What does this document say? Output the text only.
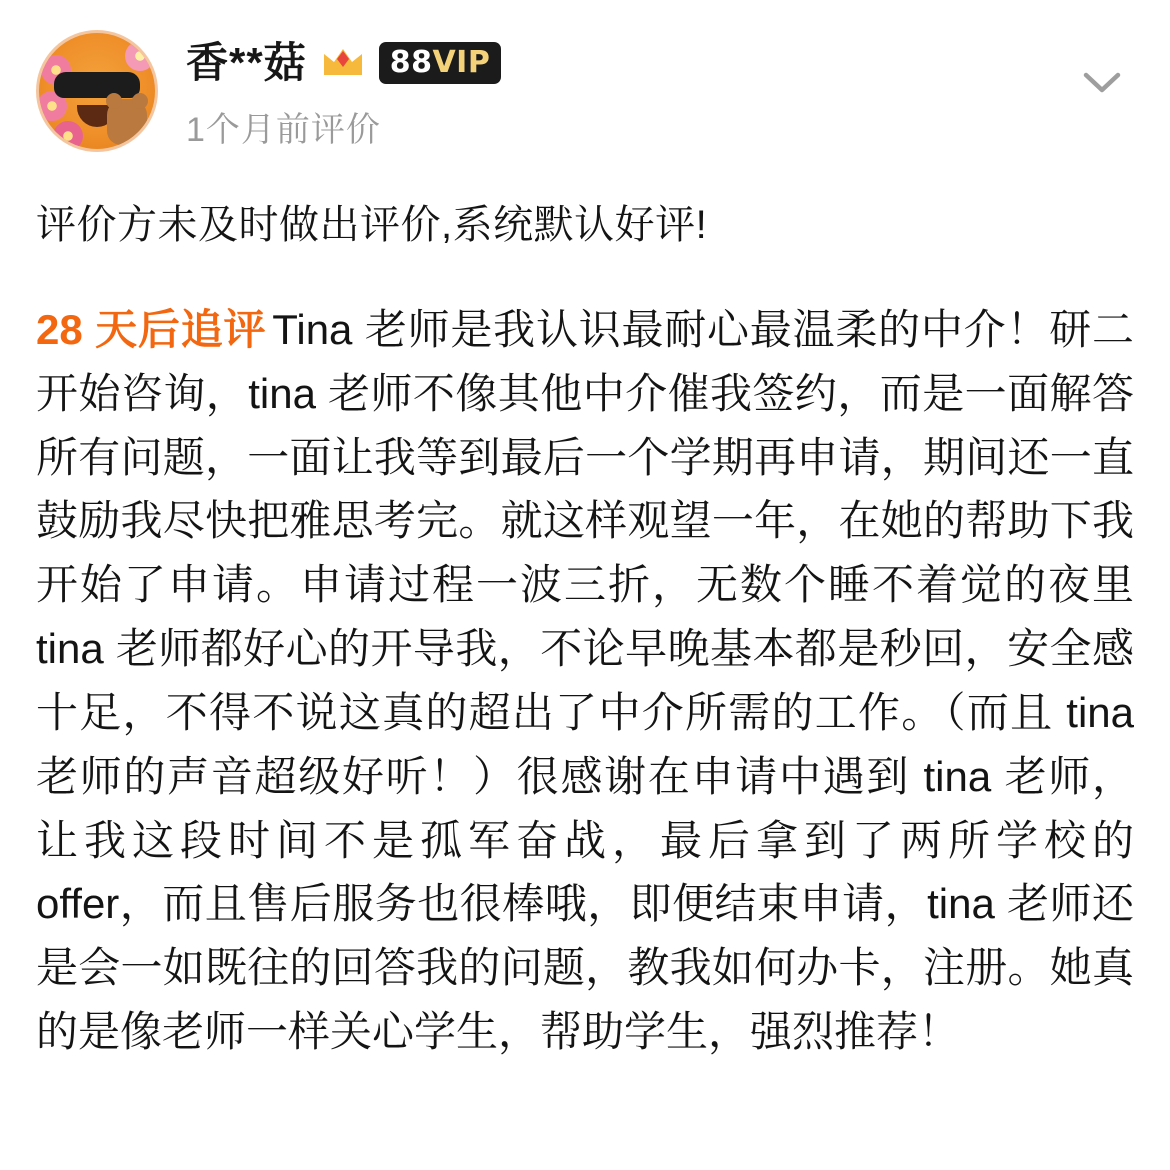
香**菇	88VIP
1个月前评价
评价方未及时做出评价,系统默认好评!
28 天后追评 Tina 老师是我认识最耐心最温柔的中介！研二开始咨询，tina 老师不像其他中介催我签约，而是一面解答所有问题，一面让我等到最后一个学期再申请，期间还一直鼓励我尽快把雅思考完。就这样观望一年，在她的帮助下我开始了申请。申请过程一波三折，无数个睡不着觉的夜里 tina 老师都好心的开导我，不论早晚基本都是秒回，安全感十足，不得不说这真的超出了中介所需的工作。（而且 tina 老师的声音超级好听！）很感谢在申请中遇到 tina 老师，让我这段时间不是孤军奋战，最后拿到了两所学校的 offer，而且售后服务也很棒哦，即便结束申请，tina 老师还是会一如既往的回答我的问题，教我如何办卡，注册。她真的是像老师一样关心学生，帮助学生，强烈推荐！
